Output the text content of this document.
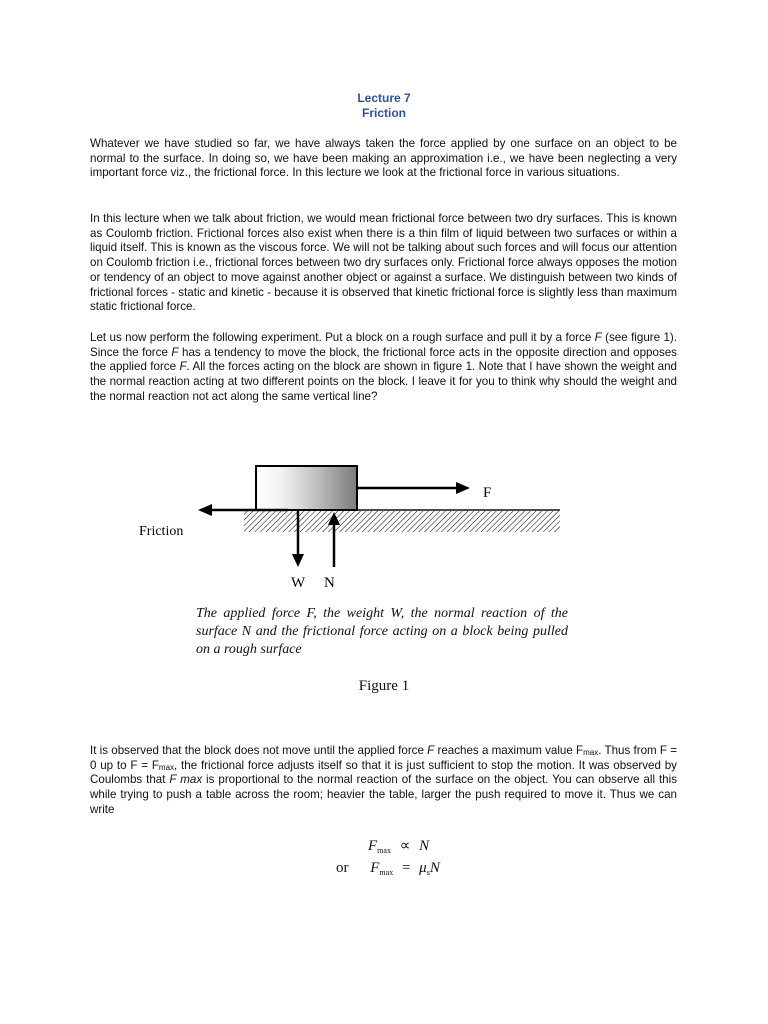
Lecture 7
Friction

Whatever we have studied so far, we have always taken the force applied by one surface on an object to be normal to the surface. In doing so, we have been making an approximation i.e., we have been neglecting a very important force viz., the frictional force. In this lecture we look at the frictional force in various situations.

In this lecture when we talk about friction, we would mean frictional force between two dry surfaces. This is known as Coulomb friction. Frictional forces also exist when there is a thin film of liquid between two surfaces or within a liquid itself. This is known as the viscous force. We will not be talking about such forces and will focus our attention on Coulomb friction i.e., frictional forces between two dry surfaces only. Frictional force always opposes the motion or tendency of an object to move against another object or against a surface. We distinguish between two kinds of frictional forces - static and kinetic - because it is observed that kinetic frictional force is slightly less than maximum static frictional force.

Let us now perform the following experiment. Put a block on a rough surface and pull it by a force F (see figure 1). Since the force F has a tendency to move the block, the frictional force acts in the opposite direction and opposes the applied force F. All the forces acting on the block are shown in figure 1. Note that I have shown the weight and the normal reaction acting at two different points on the block. I leave it for you to think why should the weight and the normal reaction not act along the same vertical line?

F
Friction
W N

The applied force F, the weight W, the normal reaction of the surface N and the frictional force acting on a block being pulled on a rough surface

Figure 1

It is observed that the block does not move until the applied force F reaches a maximum value $F_{max}$. Thus from F = 0 up to $F = F_{max}$, the frictional force adjusts itself so that it is just sufficient to stop the motion. It was observed by Coulombs that F max is proportional to the normal reaction of the surface on the object. You can observe all this while trying to push a table across the room; heavier the table, larger the push required to move it. Thus we can write

$F_{max} \propto N$
or $F_{max} = \mu_sN$
